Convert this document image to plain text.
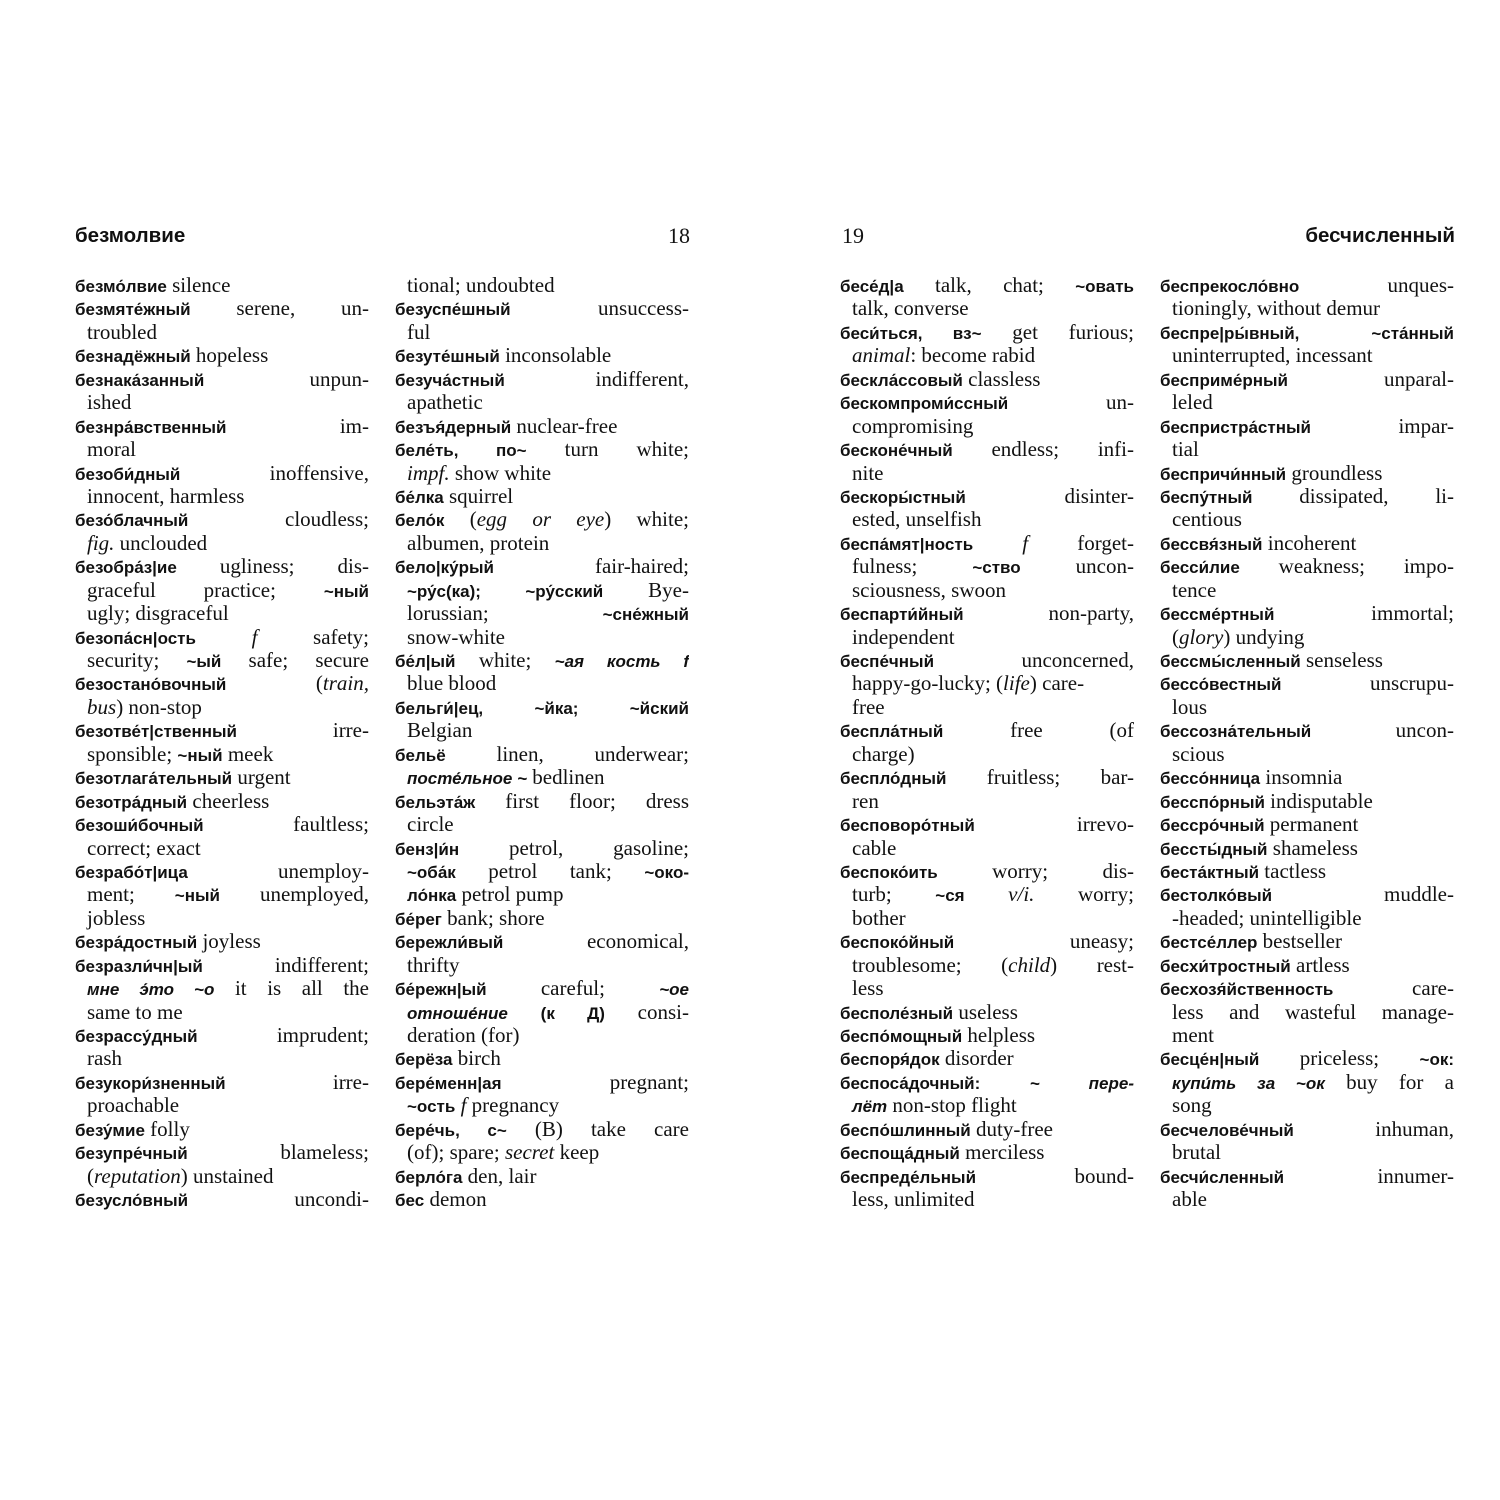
безмолвие	18
безмо́лвие silence
безмяте́жный serene, un-
troubled
безнадёжный hopeless
безнака́занный unpun-
ished
безнра́вственный im-
moral
безоби́дный inoffensive,
innocent, harmless
безо́блачный cloudless;
fig. unclouded
безобра́з|ие ugliness; dis-
graceful practice; ~ный
ugly; disgraceful
безопа́сн|ость	f safety;
security; ~ый safe; secure
безостано́вочный (train,
bus) non-stop
безотве́т|ственный irre-
sponsible; ~ный meek
безотлага́тельный urgent
безотра́дный cheerless
безоши́бочный faultless;
correct; exact
безрабо́т|ица unemploy-
ment; ~ный unemployed,
jobless
безра́достный joyless
безразли́чн|ый indifferent;
мне э́то ~о it is all the
same to me
безрассу́дный imprudent;
rash
безукори́зненный irre-
proachable
безу́мие folly
безупре́чный blameless;
(reputation) unstained
безусло́вный uncondi-
tional; undoubted
безуспе́шный unsuccess-
ful
безуте́шный inconsolable
безуча́стный indifferent,
apathetic
безъя́дерный nuclear-free
беле́ть, по~ turn white;
impf. show white
бе́лка squirrel
бело́к (egg or eye) white;
albumen, protein
бело|ку́рый fair-haired;
~ру́с(ка); ~ру́сский Bye-
lorussian; ~сне́жный
snow-white
бе́л|ый white; ~ая кость f
blue blood
бельги́|ец, ~йка; ~йский
Belgian
бельё linen, underwear;
посте́льное ~ bedlinen
бельэта́ж first floor; dress
circle
бенз|и́н petrol, gasoline;
~оба́к petrol tank; ~око-
ло́нка petrol pump
бе́рег bank; shore
бережли́вый economical,
thrifty
бе́режн|ый careful; ~ое
отноше́ние (к Д) consi-
deration (for)
берёза birch
бере́менн|ая pregnant;
~ость f pregnancy
бере́чь, с~ (В) take care
(of); spare; secret keep
берло́га den, lair
бес demon
19	бесчисленный
бесе́д|а talk, chat; ~овать
talk, converse
беси́ться, вз~ get furious;
animal: become rabid
бескла́ссовый classless
бескомпроми́ссный un-
compromising
бесконе́чный endless; infi-
nite
бескоры́стный disinter-
ested, unselfish
беспа́мят|ность f forget-
fulness; ~ство uncon-
sciousness, swoon
беспарти́йный non-party,
independent
беспе́чный unconcerned,
happy-go-lucky; (life) care-
free
беспла́тный free (of
charge)
беспло́дный fruitless; bar-
ren
бесповоро́тный irrevo-
cable
беспоко́ить worry; dis-
turb; ~ся v/i. worry;
bother
беспоко́йный uneasy;
troublesome; (child) rest-
less
бесполе́зный useless
беспо́мощный helpless
беспоря́док disorder
беспоса́дочный:	~ пере-
лёт non-stop flight
беспо́шлинный duty-free
беспоща́дный merciless
беспреде́льный bound-
less, unlimited
беспрекосло́вно unques-
tioningly, without demur
беспре|ры́вный, ~ста́нный
uninterrupted, incessant
бесприме́рный unparal-
leled
беспристра́стный impar-
tial
беспричи́нный groundless
беспу́тный dissipated, li-
centious
бессвя́зный incoherent
бесси́лие weakness; impo-
tence
бессме́ртный immortal;
(glory) undying
бессмы́сленный senseless
бессо́вестный unscrupu-
lous
бессозна́тельный uncon-
scious
бессо́нница insomnia
бесспо́рный indisputable
бессро́чный permanent
бессты́дный shameless
беста́ктный tactless
бестолко́вый muddle-
-headed; unintelligible
бестсе́ллер bestseller
бесхи́тростный artless
бесхозя́йственность care-
less and wasteful manage-
ment
бесце́н|ный priceless; ~ок:
купи́ть за ~ок buy for a
song
бесчелове́чный inhuman,
brutal
бесчи́сленный innumer-
able
